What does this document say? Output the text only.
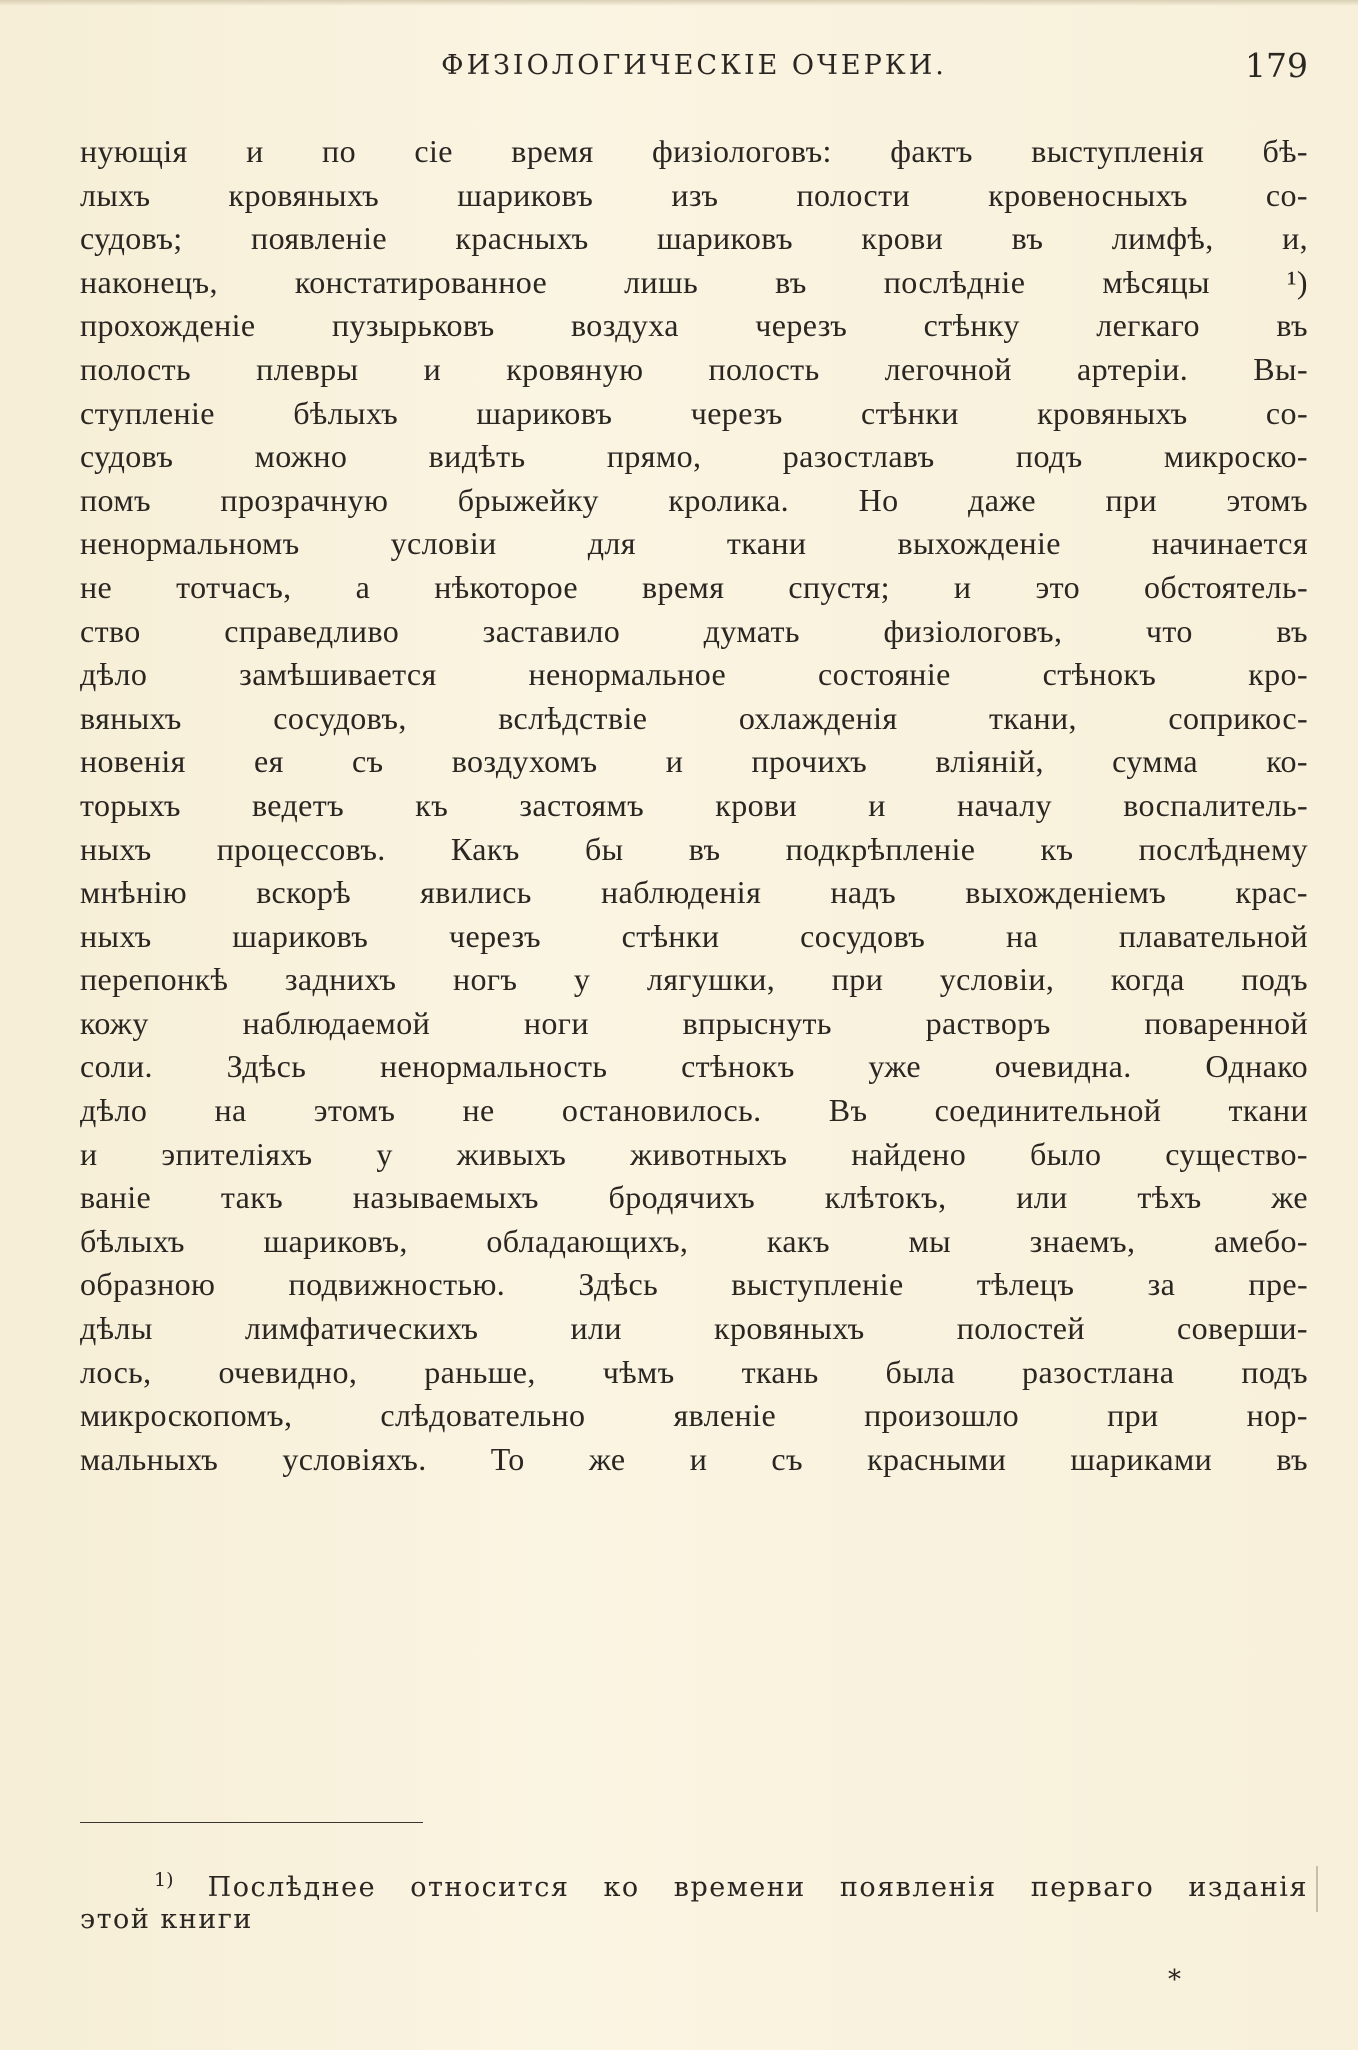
ФИЗІОЛОГИЧЕСКІЕ ОЧЕРКИ.	179
нующія и по сіе время физіологовъ: фактъ выступленія бѣ-
лыхъ кровяныхъ шариковъ изъ полости кровеносныхъ со-
судовъ; появленіе красныхъ шариковъ крови въ лимфѣ, и,
наконецъ, констатированное лишь въ послѣдніе мѣсяцы ¹)
прохожденіе пузырьковъ воздуха черезъ стѣнку легкаго въ
полость плевры и кровяную полость легочной артеріи. Вы-
ступленіе бѣлыхъ шариковъ черезъ стѣнки кровяныхъ со-
судовъ можно видѣть прямо, разостлавъ подъ микроско-
помъ прозрачную брыжейку кролика. Но даже при этомъ
ненормальномъ условіи для ткани выхожденіе начинается
не тотчасъ, а нѣкоторое время спустя; и это обстоятель-
ство справедливо заставило думать физіологовъ, что въ
дѣло замѣшивается ненормальное состояніе стѣнокъ кро-
вяныхъ сосудовъ, вслѣдствіе охлажденія ткани, соприкос-
новенія ея съ воздухомъ и прочихъ вліяній, сумма ко-
торыхъ ведетъ къ застоямъ крови и началу воспалитель-
ныхъ процессовъ. Какъ бы въ подкрѣпленіе къ послѣднему
мнѣнію вскорѣ явились наблюденія надъ выхожденіемъ крас-
ныхъ шариковъ черезъ стѣнки сосудовъ на плавательной
перепонкѣ заднихъ ногъ у лягушки, при условіи, когда подъ
кожу наблюдаемой ноги впрыснуть растворъ поваренной
соли. Здѣсь ненормальность стѣнокъ уже очевидна. Однако
дѣло на этомъ не остановилось. Въ соединительной ткани
и эпителіяхъ у живыхъ животныхъ найдено было существо-
ваніе такъ называемыхъ бродячихъ клѣтокъ, или тѣхъ же
бѣлыхъ шариковъ, обладающихъ, какъ мы знаемъ, амебо-
образною подвижностью. Здѣсь выступленіе тѣлецъ за пре-
дѣлы лимфатическихъ или кровяныхъ полостей соверши-
лось, очевидно, раньше, чѣмъ ткань была разостлана подъ
микроскопомъ, слѣдовательно явленіе произошло при нор-
мальныхъ условіяхъ. То же и съ красными шариками въ
$^{1)}$ Послѣднее относится ко времени появленія перваго изданія
этой книги
*
